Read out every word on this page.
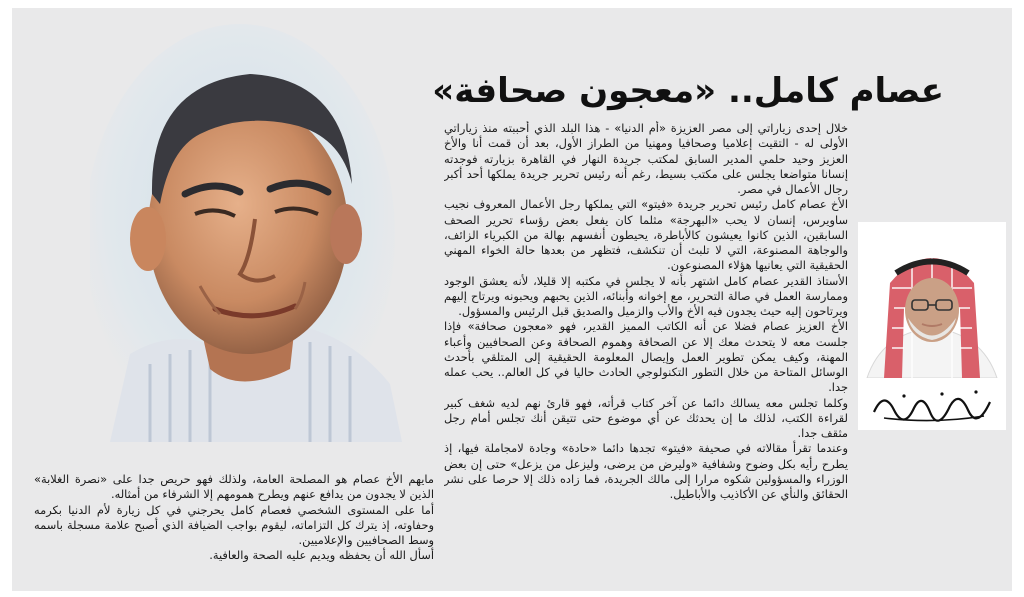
عصام كامل.. «معجون صحافة»

خلال إحدى زياراتي إلى مصر العزيزة «أم الدنيا» - هذا البلد الذي أحببته منذ زياراتي الأولى له - التقيت إعلاميا وصحافيا ومهنيا من الطراز الأول، بعد أن قمت أنا والأخ العزيز وحيد حلمي المدير السابق لمكتب جريدة النهار في القاهرة بزيارته فوجدته إنسانا متواضعا يجلس على مكتب بسيط، رغم أنه رئيس تحرير جريدة يملكها أحد أكبر رجال الأعمال في مصر.

الأخ عصام كامل رئيس تحرير جريدة «فيتو» التي يملكها رجل الأعمال المعروف نجيب ساويرس، إنسان لا يحب «البهرجة» مثلما كان يفعل بعض رؤساء تحرير الصحف السابقين، الذين كانوا يعيشون كالأباطرة، يحيطون أنفسهم بهالة من الكبرياء الزائف، والوجاهة المصنوعة، التي لا تلبث أن تنكشف، فتظهر من بعدها حالة الخواء المهني الحقيقية التي يعانيها هؤلاء المصنوعون.

الأستاذ القدير عصام كامل اشتهر بأنه لا يجلس في مكتبه إلا قليلا، لأنه يعشق الوجود وممارسة العمل في صالة التحرير، مع إخوانه وأبنائه، الذين يحبهم ويحبونه ويرتاح إليهم ويرتاحون إليه حيث يجدون فيه الأخ والأب والزميل والصديق قبل الرئيس والمسؤول.

الأخ العزيز عصام فضلا عن أنه الكاتب المميز القدير، فهو «معجون صحافة» فإذا جلست معه لا يتحدث معك إلا عن الصحافة وهموم الصحافة وعن الصحافيين وأعباء المهنة، وكيف يمكن تطوير العمل وإيصال المعلومة الحقيقية إلى المتلقي بأحدث الوسائل المتاحة من خلال التطور التكنولوجي الحادث حاليا في كل العالم.. يحب عمله جدا.

وكلما تجلس معه يسالك دائما عن آخر كتاب قرأته، فهو قارئ نهم لديه شغف كبير لقراءة الكتب، لذلك ما إن يحدثك عن أي موضوع حتى تتيقن أنك تجلس أمام رجل مثقف جدا.

وعندما تقرأ مقالاته في صحيفة «فيتو» تجدها دائما «حادة» وجادة لامجاملة فيها، إذ يطرح رأيه بكل وضوح وشفافية «وليرض من يرضى، وليزعل من يزعل» حتى إن بعض الوزراء والمسؤولين شكوه مرارا إلى مالك الجريدة، فما زاده ذلك إلا حرصا على نشر الحقائق والنأي عن الأكاذيب والأباطيل.

مايهم الأخ عصام هو المصلحة العامة، ولذلك فهو حريص جدا على «نصرة الغلابة» الذين لا يجدون من يدافع عنهم ويطرح همومهم إلا الشرفاء من أمثاله.

أما على المستوى الشخصي فعصام كامل يحرجني في كل زيارة لأم الدنيا بكرمه وحفاوته، إذ يترك كل التزاماته، ليقوم بواجب الضيافة الذي أصبح علامة مسجلة باسمه وسط الصحافيين والإعلاميين.

أسأل الله أن يحفظه ويديم عليه الصحة والعافية.
